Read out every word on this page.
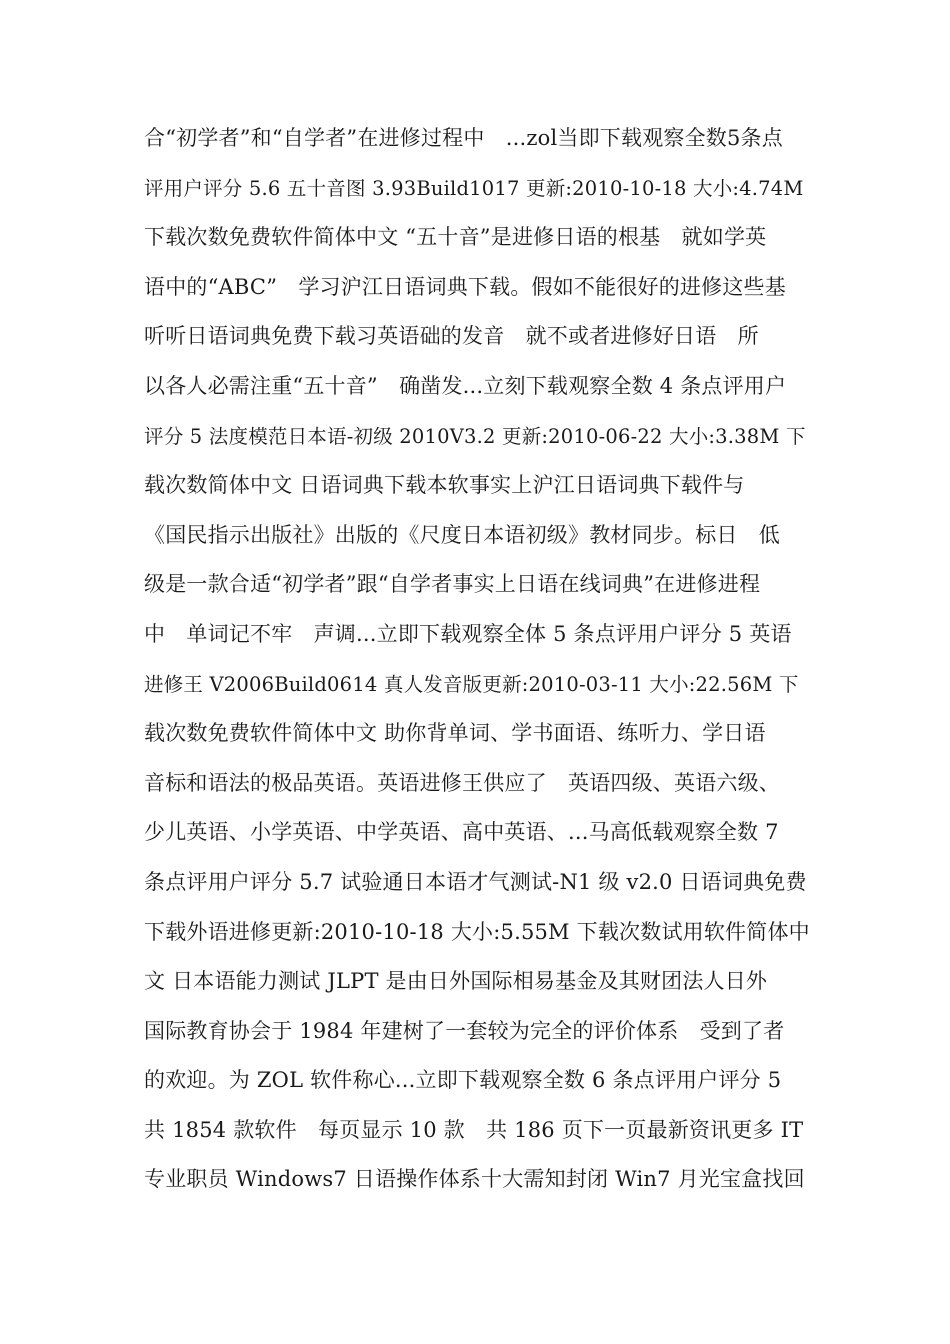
合“初学者”和“自学者”在进修过程中　...zol当即下载观察全数5条点
评用户评分 5.6 五十音图 3.93Build1017 更新:2010-10-18 大小:4.74M
下载次数免费软件简体中文 “五十音”是进修日语的根基　就如学英
语中的“ABC”　学习沪江日语词典下载。假如不能很好的进修这些基
听听日语词典免费下载习英语础的发音　就不或者进修好日语　所
以各人必需注重“五十音”　确凿发...立刻下载观察全数 4 条点评用户
评分 5 法度模范日本语-初级 2010V3.2 更新:2010-06-22 大小:3.38M 下
载次数简体中文 日语词典下载本软事实上沪江日语词典下载件与
《国民指示出版社》出版的《尺度日本语初级》教材同步。标日　低
级是一款合适“初学者”跟“自学者事实上日语在线词典”在进修进程
中　单词记不牢　声调...立即下载观察全体 5 条点评用户评分 5 英语
进修王 V2006Build0614 真人发音版更新:2010-03-11 大小:22.56M 下
载次数免费软件简体中文 助你背单词、学书面语、练听力、学日语
音标和语法的极品英语。英语进修王供应了　英语四级、英语六级、
少儿英语、小学英语、中学英语、高中英语、...马高低载观察全数 7
条点评用户评分 5.7 试验通日本语才气测试-N1 级 v2.0 日语词典免费
下载外语进修更新:2010-10-18 大小:5.55M 下载次数试用软件简体中
文 日本语能力测试 JLPT 是由日外国际相易基金及其财团法人日外
国际教育协会于 1984 年建树了一套较为完全的评价体系　受到了者
的欢迎。为 ZOL 软件称心...立即下载观察全数 6 条点评用户评分 5
共 1854 款软件　每页显示 10 款　共 186 页下一页最新资讯更多 IT
专业职员 Windows7 日语操作体系十大需知封闭 Win7 月光宝盒找回
